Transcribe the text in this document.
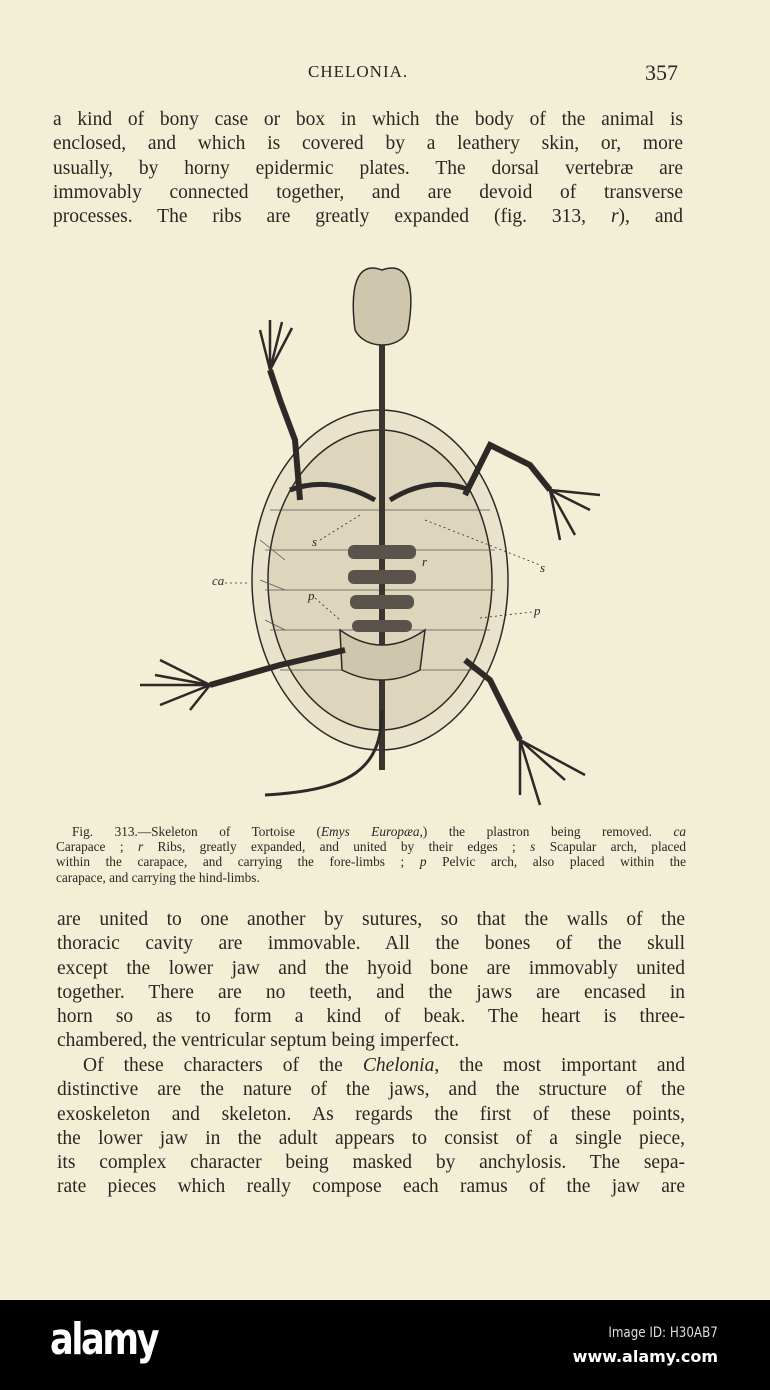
CHELONIA.	357
a kind of bony case or box in which the body of the animal is
enclosed, and which is covered by a leathery skin, or, more
usually, by horny epidermic plates. The dorsal vertebræ are
immovably connected together, and are devoid of transverse
processes. The ribs are greatly expanded (fig. 313, r), and
s
r	s
ca
p
p
Fig. 313.—Skeleton of Tortoise (Emys Europæa,) the plastron being removed. ca
Carapace ; r Ribs, greatly expanded, and united by their edges ; s Scapular arch, placed
within the carapace, and carrying the fore-limbs ; p Pelvic arch, also placed within the
carapace, and carrying the hind-limbs.
are united to one another by sutures, so that the walls of the
thoracic cavity are immovable. All the bones of the skull
except the lower jaw and the hyoid bone are immovably united
together. There are no teeth, and the jaws are encased in
horn so as to form a kind of beak. The heart is three-
chambered, the ventricular septum being imperfect.
Of these characters of the Chelonia, the most important and
distinctive are the nature of the jaws, and the structure of the
exoskeleton and skeleton. As regards the first of these points,
the lower jaw in the adult appears to consist of a single piece,
its complex character being masked by anchylosis. The sepa-
rate pieces which really compose each ramus of the jaw are
alamy	Image ID: H30AB7
www.alamy.com
